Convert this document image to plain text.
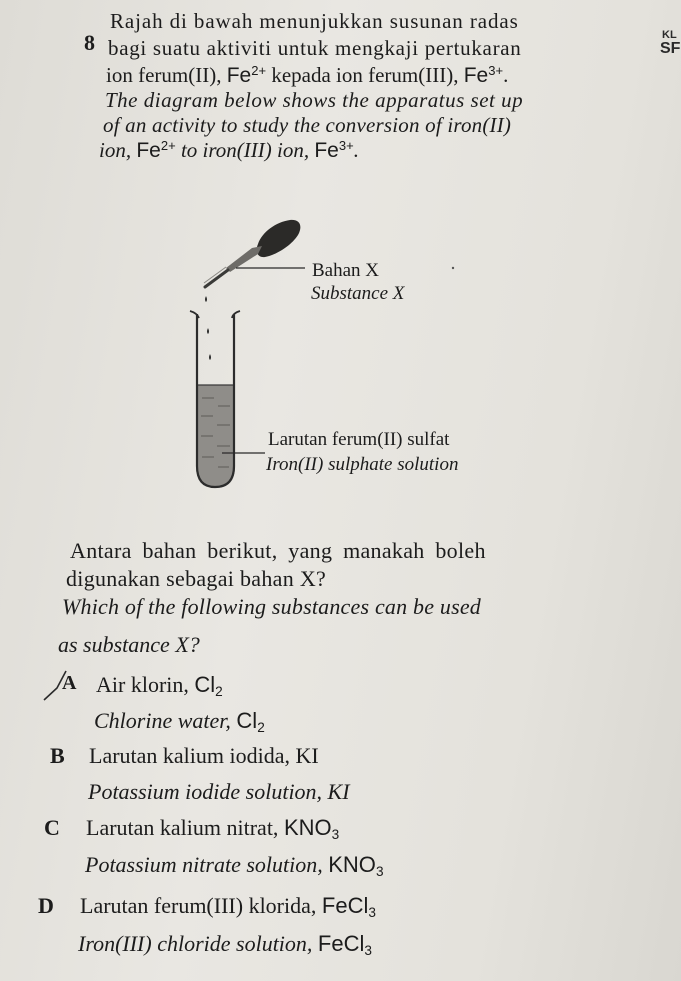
KL
SF
8
Rajah di bawah menunjukkan susunan radas
bagi suatu aktiviti untuk mengkaji pertukaran
ion ferum(II), $Fe^{2+}$ kepada ion ferum(III), $Fe^{3+}$.
The diagram below shows the apparatus set up
of an activity to study the conversion of iron(II)
ion, $Fe^{2+}$ to iron(III) ion, $Fe^{3+}$.
Bahan X
Substance X
Larutan ferum(II) sulfat
Iron(II) sulphate solution
Antara bahan berikut, yang manakah boleh
digunakan sebagai bahan X?
Which of the following substances can be used
as substance X?
A Air klorin, $Cl_2$
Chlorine water, $Cl_2$
B Larutan kalium iodida, KI
Potassium iodide solution, KI
C Larutan kalium nitrat, $KNO_3$
Potassium nitrate solution, $KNO_3$
D Larutan ferum(III) klorida, FeCl$_3$
Iron(III) chloride solution, FeCl$_3$
